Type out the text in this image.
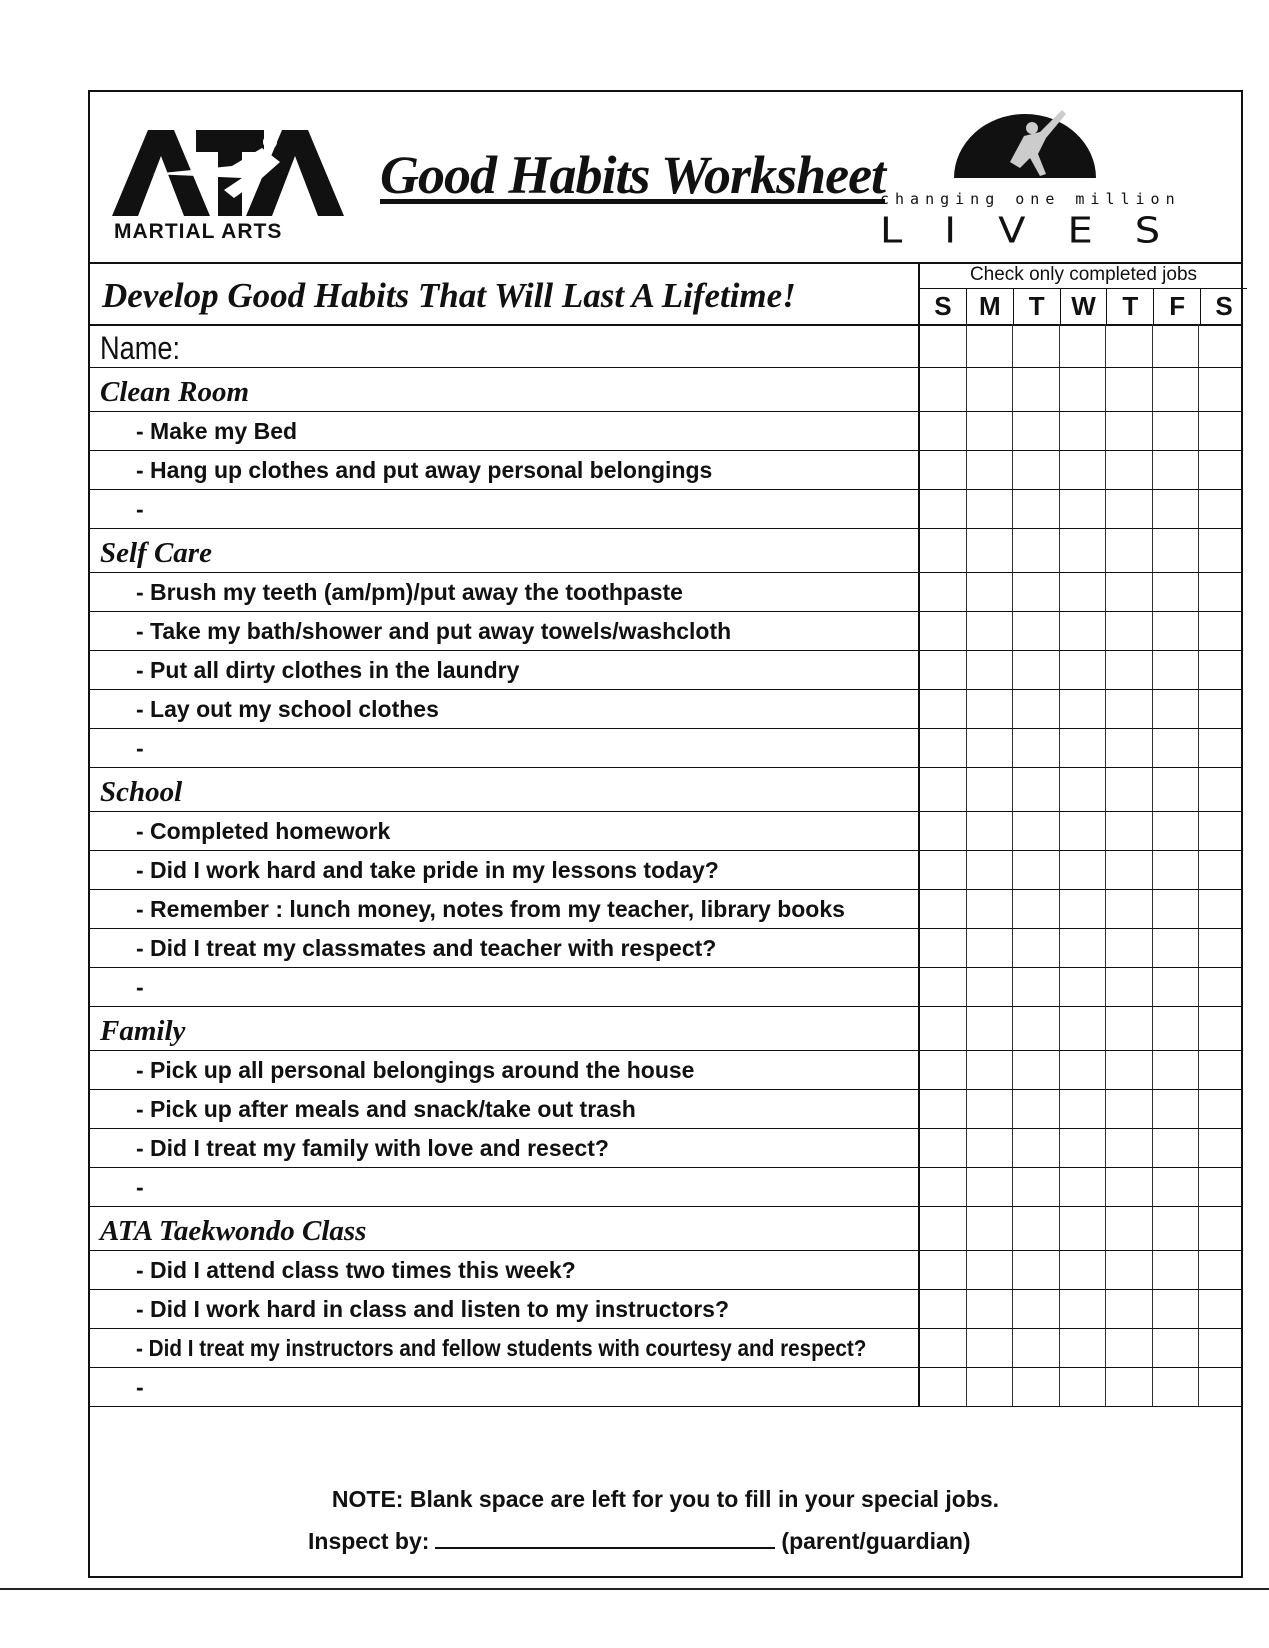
MARTIAL ARTS
Good Habits Worksheet
changing one million
LIVES
Develop Good Habits That Will Last A Lifetime!
Check only completed jobs
S	M	T	W	T	F	S
Name:
Clean Room
- Make my Bed
- Hang up clothes and put away personal belongings
-
Self Care
- Brush my teeth (am/pm)/put away the toothpaste
- Take my bath/shower and put away towels/washcloth
- Put all dirty clothes in the laundry
- Lay out my school clothes
-
School
- Completed homework
- Did I work hard and take pride in my lessons today?
- Remember : lunch money, notes from my teacher, library books
- Did I treat my classmates and teacher with respect?
-
Family
- Pick up all personal belongings around the house
- Pick up after meals and snack/take out trash
- Did I treat my family with love and resect?
-
ATA Taekwondo Class
- Did I attend class two times this week?
- Did I work hard in class and listen to my instructors?
- Did I treat my instructors and fellow students with courtesy and respect?
-
NOTE: Blank space are left for you to fill in your special jobs.
Inspect by:	(parent/guardian)
